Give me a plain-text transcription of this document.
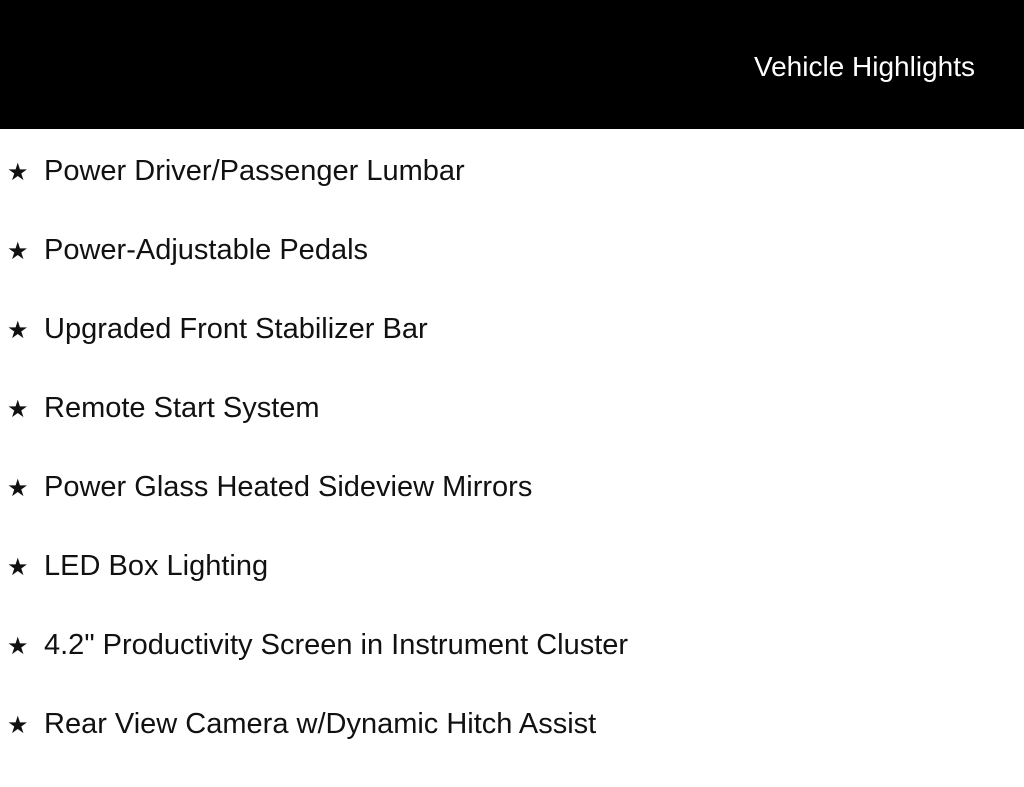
Vehicle Highlights
★ Power Driver/Passenger Lumbar
★ Power-Adjustable Pedals
★ Upgraded Front Stabilizer Bar
★ Remote Start System
★ Power Glass Heated Sideview Mirrors
★ LED Box Lighting
★ 4.2" Productivity Screen in Instrument Cluster
★ Rear View Camera w/Dynamic Hitch Assist
